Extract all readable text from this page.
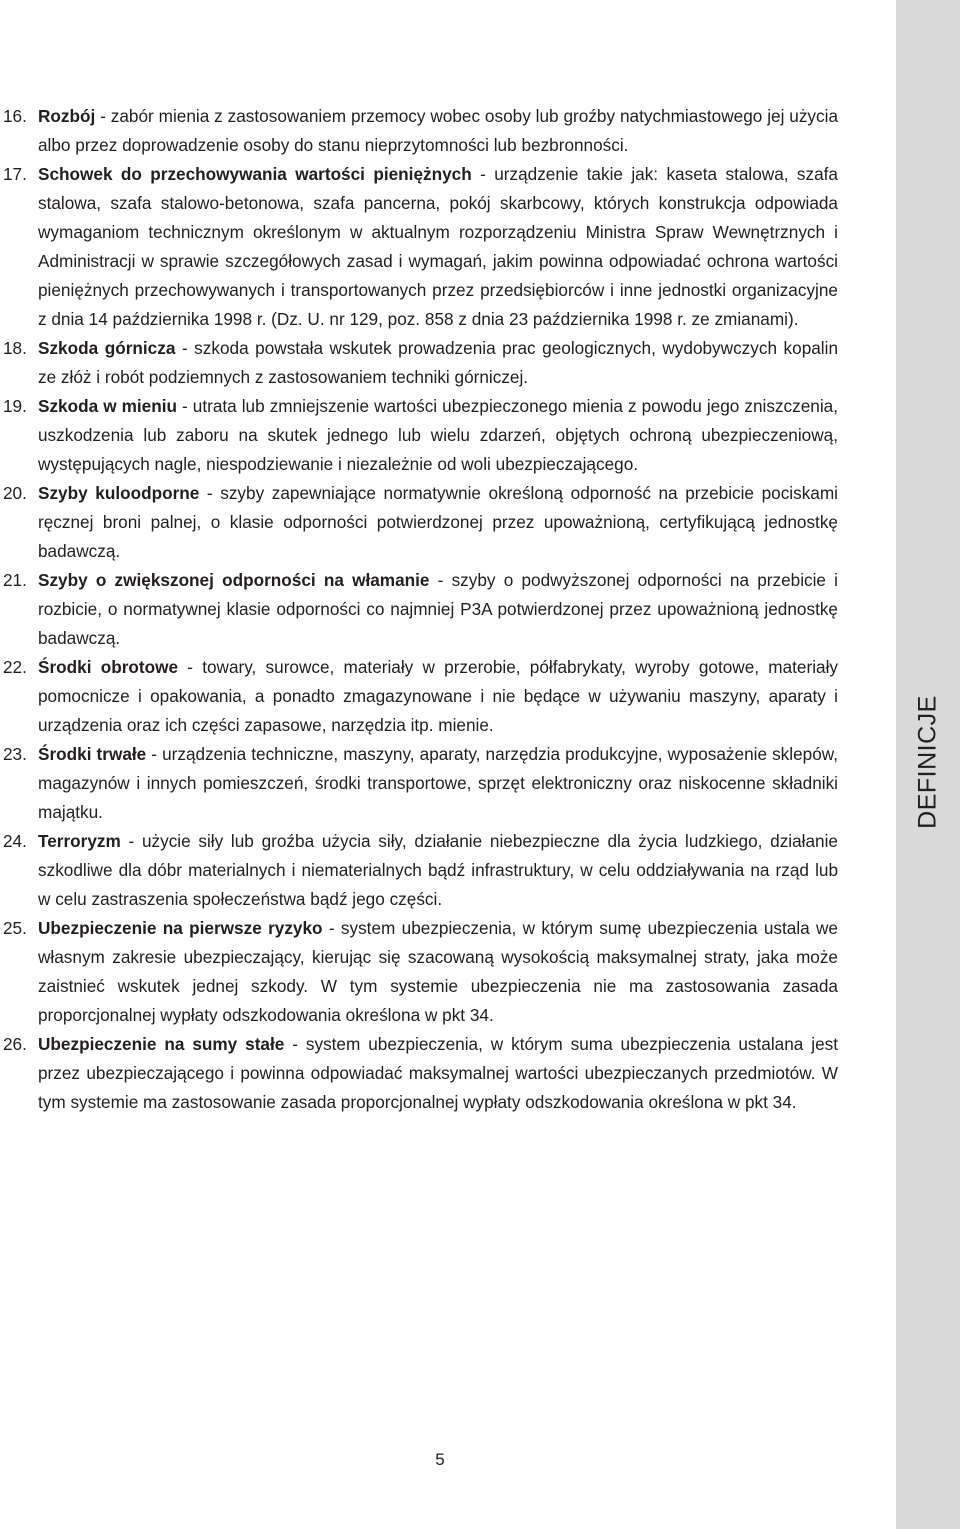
DEFINICJE
16. Rozbój - zabór mienia z zastosowaniem przemocy wobec osoby lub groźby natychmiastowego jej użycia albo przez doprowadzenie osoby do stanu nieprzytomności lub bezbronności.
17. Schowek do przechowywania wartości pieniężnych - urządzenie takie jak: kaseta stalowa, szafa stalowa, szafa stalowo-betonowa, szafa pancerna, pokój skarbcowy, których konstrukcja odpowiada wymaganiom technicznym określonym w aktualnym rozporządzeniu Ministra Spraw Wewnętrznych i Administracji w sprawie szczegółowych zasad i wymagań, jakim powinna odpowiadać ochrona wartości pieniężnych przechowywanych i transportowanych przez przedsiębiorców i inne jednostki organizacyjne z dnia 14 października 1998 r. (Dz. U. nr 129, poz. 858 z dnia 23 października 1998 r. ze zmianami).
18. Szkoda górnicza - szkoda powstała wskutek prowadzenia prac geologicznych, wydobywczych kopalin ze złóż i robót podziemnych z zastosowaniem techniki górniczej.
19. Szkoda w mieniu - utrata lub zmniejszenie wartości ubezpieczonego mienia z powodu jego zniszczenia, uszkodzenia lub zaboru na skutek jednego lub wielu zdarzeń, objętych ochroną ubezpieczeniową, występujących nagle, niespodziewanie i niezależnie od woli ubezpieczającego.
20. Szyby kuloodporne - szyby zapewniające normatywnie określoną odporność na przebicie pociskami ręcznej broni palnej, o klasie odporności potwierdzonej przez upoważnioną, certyfikującą jednostkę badawczą.
21. Szyby o zwiększonej odporności na włamanie - szyby o podwyższonej odporności na przebicie i rozbicie, o normatywnej klasie odporności co najmniej P3A potwierdzonej przez upoważnioną jednostkę badawczą.
22. Środki obrotowe - towary, surowce, materiały w przerobie, półfabrykaty, wyroby gotowe, materiały pomocnicze i opakowania, a ponadto zmagazynowane i nie będące w używaniu maszyny, aparaty i urządzenia oraz ich części zapasowe, narzędzia itp. mienie.
23. Środki trwałe - urządzenia techniczne, maszyny, aparaty, narzędzia produkcyjne, wyposażenie sklepów, magazynów i innych pomieszczeń, środki transportowe, sprzęt elektroniczny oraz niskocenne składniki majątku.
24. Terroryzm - użycie siły lub groźba użycia siły, działanie niebezpieczne dla życia ludzkiego, działanie szkodliwe dla dóbr materialnych i niematerialnych bądź infrastruktury, w celu oddziaływania na rząd lub w celu zastraszenia społeczeństwa bądź jego części.
25. Ubezpieczenie na pierwsze ryzyko - system ubezpieczenia, w którym sumę ubezpieczenia ustala we własnym zakresie ubezpieczający, kierując się szacowaną wysokością maksymalnej straty, jaka może zaistnieć wskutek jednej szkody. W tym systemie ubezpieczenia nie ma zastosowania zasada proporcjonalnej wypłaty odszkodowania określona w pkt 34.
26. Ubezpieczenie na sumy stałe - system ubezpieczenia, w którym suma ubezpieczenia ustalana jest przez ubezpieczającego i powinna odpowiadać maksymalnej wartości ubezpieczanych przedmiotów. W tym systemie ma zastosowanie zasada proporcjonalnej wypłaty odszkodowania określona w pkt 34.
5
